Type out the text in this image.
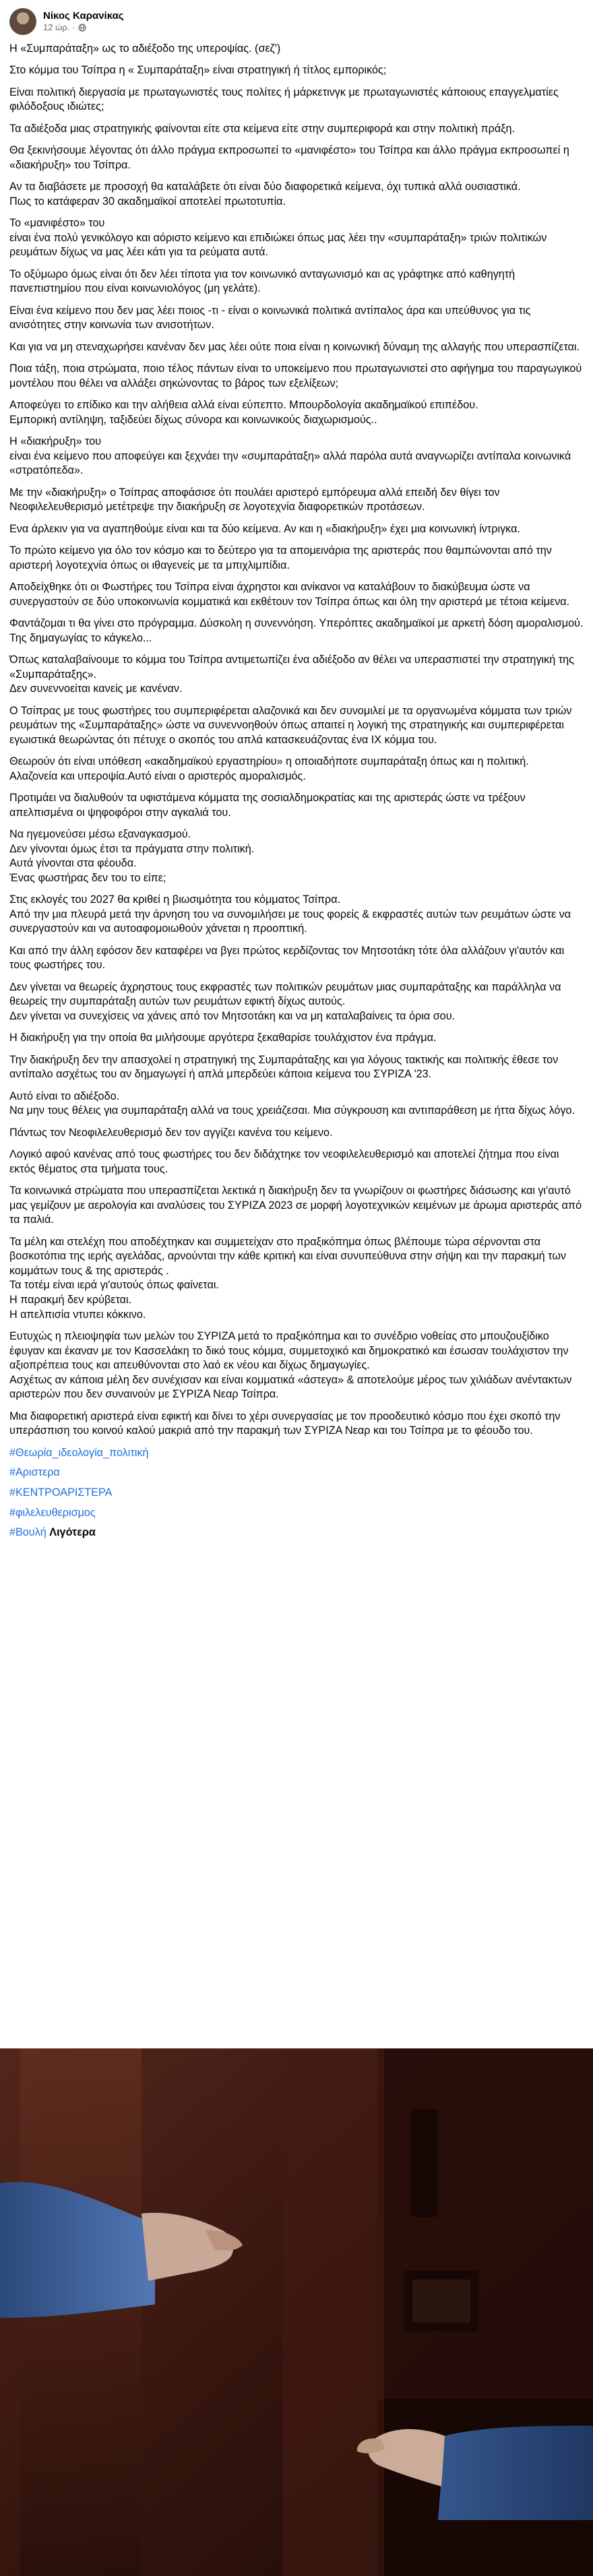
Νίκος Καρανίκας
12 ώρ. ·

Η «Συμπαράταξη» ως το αδιέξοδο της υπεροψίας. (σεζ')

Στο κόμμα του Τσίπρα η « Συμπαράταξη» είναι στρατηγική ή τίτλος εμπορικός;

Είναι πολιτική διεργασία με πρωταγωνιστές τους πολίτες ή μάρκετινγκ με πρωταγωνιστές κάποιους επαγγελματίες φιλόδοξους ιδιώτες;

Τα αδιέξοδα μιας στρατηγικής φαίνονται είτε στα κείμενα είτε στην συμπεριφορά και στην πολιτική πράξη.

Θα ξεκινήσουμε λέγοντας ότι άλλο πράγμα εκπροσωπεί το «μανιφέστο» του Τσίπρα και άλλο πράγμα εκπροσωπεί η «διακήρυξη» του Τσίπρα.

Αν τα διαβάσετε με προσοχή θα καταλάβετε ότι είναι δύο διαφορετικά κείμενα, όχι τυπικά αλλά ουσιαστικά.
Πως το κατάφεραν 30 ακαδημαϊκοί αποτελεί πρωτοτυπία.

Το «μανιφέστο» του
είναι ένα πολύ γενικόλογο και αόριστο κείμενο και επιδιώκει όπως μας λέει την «συμπαράταξη» τριών πολιτικών ρευμάτων δίχως να μας λέει κάτι για τα ρεύματα αυτά.

Το οξύμωρο όμως είναι ότι δεν λέει τίποτα για τον κοινωνικό ανταγωνισμό και ας γράφτηκε από καθηγητή πανεπιστημίου που είναι κοινωνιολόγος (μη γελάτε).

Είναι ένα κείμενο που δεν μας λέει ποιος -τι - είναι ο κοινωνικά πολιτικά αντίπαλος άρα και υπεύθυνος για τις ανισότητες στην κοινωνία των ανισοτήτων.

Και για να μη στεναχωρήσει κανέναν δεν μας λέει ούτε ποια είναι η κοινωνική δύναμη της αλλαγής που υπερασπίζεται.

Ποια τάξη, ποια στρώματα, ποιο τέλος πάντων είναι το υποκείμενο που πρωταγωνιστεί στο αφήγημα του παραγωγικού μοντέλου που θέλει να αλλάξει σηκώνοντας το βάρος των εξελίξεων;

Αποφεύγει το επίδικο και την αλήθεια αλλά είναι εύπεπτο. Μπουρδολογία ακαδημαϊκού επιπέδου.
Εμπορική αντίληψη, ταξιδεύει δίχως σύνορα και κοινωνικούς διαχωρισμούς..

Η «διακήρυξη» του
είναι ένα κείμενο που αποφεύγει και ξεχνάει την «συμπαράταξη» αλλά παρόλα αυτά αναγνωρίζει αντίπαλα κοινωνικά «στρατόπεδα».

Με την «διακήρυξη» ο Τσίπρας αποφάσισε ότι πουλάει αριστερό εμπόρευμα αλλά επειδή δεν θίγει τον Νεοφιλελευθερισμό μετέτρεψε την διακήρυξη σε λογοτεχνία διαφορετικών προτάσεων.

Ενα άρλεκιν για να αγαπηθούμε είναι και τα δύο κείμενα. Αν και η «διακήρυξη» έχει μια κοινωνική ίντριγκα.

Το πρώτο κείμενο για όλο τον κόσμο και το δεύτερο για τα απομεινάρια της αριστεράς που θαμπώνονται από την αριστερή λογοτεχνία όπως οι ιθαγενείς με τα μπιχλιμπίδια.

Αποδείχθηκε ότι οι Φωστήρες του Τσίπρα είναι άχρηστοι και ανίκανοι να καταλάβουν το διακύβευμα ώστε να συνεργαστούν σε δύο υποκοινωνία κομματικά και εκθέτουν τον Τσίπρα όπως και όλη την αριστερά με τέτοια κείμενα.

Φαντάζομαι τι θα γίνει στο πρόγραμμα. Δύσκολη η συνεννόηση. Υπερόπτες ακαδημαϊκοί με αρκετή δόση αμοραλισμού.
Της δημαγωγίας το κάγκελο...

Όπως καταλαβαίνουμε το κόμμα του Τσίπρα αντιμετωπίζει ένα αδιέξοδο αν θέλει να υπερασπιστεί την στρατηγική της «Συμπαράταξης».
Δεν συνεννοείται κανείς με κανέναν.

Ο Τσίπρας με τους φωστήρες του συμπεριφέρεται αλαζονικά και δεν συνομιλεί με τα οργανωμένα κόμματα των τριών ρευμάτων της «Συμπαράταξης» ώστε να συνεννοηθούν όπως απαιτεί η λογική της στρατηγικής και συμπεριφέρεται εγωιστικά θεωρώντας ότι πέτυχε ο σκοπός του απλά κατασκευάζοντας ένα ΙΧ κόμμα του.

Θεωρούν ότι είναι υπόθεση «ακαδημαϊκού εργαστηρίου» η οποιαδήποτε συμπαράταξη όπως και η πολιτική.
Αλαζονεία και υπεροψία.Αυτό είναι ο αριστερός αμοραλισμός.

Προτιμάει να διαλυθούν τα υφιστάμενα κόμματα της σοσιαλδημοκρατίας και της αριστεράς ώστε να τρέξουν απελπισμένα οι ψηφοφόροι στην αγκαλιά του.

Να ηγεμονεύσει μέσω εξαναγκασμού.
Δεν γίνονται όμως έτσι τα πράγματα στην πολιτική.
Αυτά γίνονται στα φέουδα.
Ένας φωστήρας δεν του το είπε;

Στις εκλογές του 2027 θα κριθεί η βιωσιμότητα του κόμματος Τσίπρα.
Από την μια πλευρά μετά την άρνηση του να συνομιλήσει με τους φορείς & εκφραστές αυτών των ρευμάτων ώστε να συνεργαστούν και να αυτοαφομοιωθούν χάνεται η προοπτική.

Και από την άλλη εφόσον δεν καταφέρει να βγει πρώτος κερδίζοντας τον Μητσοτάκη τότε όλα αλλάζουν γι'αυτόν και τους φωστήρες του.

Δεν γίνεται να θεωρείς άχρηστους τους εκφραστές των πολιτικών ρευμάτων μιας συμπαράταξης και παράλληλα να θεωρείς την συμπαράταξη αυτών των ρευμάτων εφικτή δίχως αυτούς.
Δεν γίνεται να συνεχίσεις να χάνεις από τον Μητσοτάκη και να μη καταλαβαίνεις τα όρια σου.

Η διακήρυξη για την οποία θα μιλήσουμε αργότερα ξεκαθαρίσε τουλάχιστον ένα πράγμα.

Την διακήρυξη δεν την απασχολεί η στρατηγική της Συμπαράταξης και για λόγους τακτικής και πολιτικής έθεσε τον αντίπαλο ασχέτως του αν δημαγωγεί ή απλά μπερδεύει κάποια κείμενα του ΣΥΡΙΖΑ '23.

Αυτό είναι το αδιέξοδο.
Να μην τους θέλεις για συμπαράταξη αλλά να τους χρειάζεσαι. Μια σύγκρουση και αντιπαράθεση με ήττα δίχως λόγο.

Πάντως τον Νεοφιλελευθερισμό δεν τον αγγίζει κανένα του κείμενο.

Λογικό αφού κανένας από τους φωστήρες του δεν διδάχτηκε τον νεοφιλελευθερισμό και αποτελεί ζήτημα που είναι εκτός θέματος στα τμήματα τους.

Τα κοινωνικά στρώματα που υπερασπίζεται λεκτικά η διακήρυξη δεν τα γνωρίζουν οι φωστήρες διάσωσης και γι'αυτό μας γεμίζουν με αερολογία και αναλύσεις του ΣΥΡΙΖΑ 2023 σε μορφή λογοτεχνικών κειμένων με άρωμα αριστεράς από τα παλιά.

Τα μέλη και στελέχη που αποδέχτηκαν και συμμετείχαν στο πραξικόπημα όπως βλέπουμε τώρα σέρνονται στα βοσκοτόπια της ιερής αγελάδας, αρνούνται την κάθε κριτική και είναι συνυπεύθυνα στην σήψη και την παρακμή των κομμάτων τους & της αριστεράς .
Τα τοτέμ είναι ιερά γι'αυτούς όπως φαίνεται.
Η παρακμή δεν κρύβεται.
Η απελπισία ντυπει κόκκινο.

Ευτυχώς η πλειοψηφία των μελών του ΣΥΡΙΖΑ μετά το πραξικόπημα και το συνέδριο νοθείας στο μπουζουξίδικο έφυγαν και έκαναν με τον Κασσελάκη το δικό τους κόμμα, συμμετοχικό και δημοκρατικό και έσωσαν τουλάχιστον την αξιοπρέπεια τους και απευθύνονται στο λαό εκ νέου και δίχως δημαγωγίες.
Ασχέτως αν κάποια μέλη δεν συνέχισαν και είναι κομματικά «άστεγα» & αποτελούμε μέρος των χιλιάδων ανέντακτων αριστερών που δεν συναινούν με ΣΥΡΙΖΑ Νεαρ Τσίπρα.

Μια διαφορετική αριστερά είναι εφικτή και δίνει το χέρι συνεργασίας με τον προοδευτικό κόσμο που έχει σκοπό την υπεράσπιση του κοινού καλού μακριά από την παρακμή των ΣΥΡΙΖΑ Νεαρ και του Τσίπρα με το φέουδο του.

#Θεωρία_ιδεολογία_πολιτική

#Αριστερα

#ΚΕΝΤΡΟΑΡΙΣΤΕΡΑ

#φιλελευθερισμος

#Βουλή Λιγότερα
